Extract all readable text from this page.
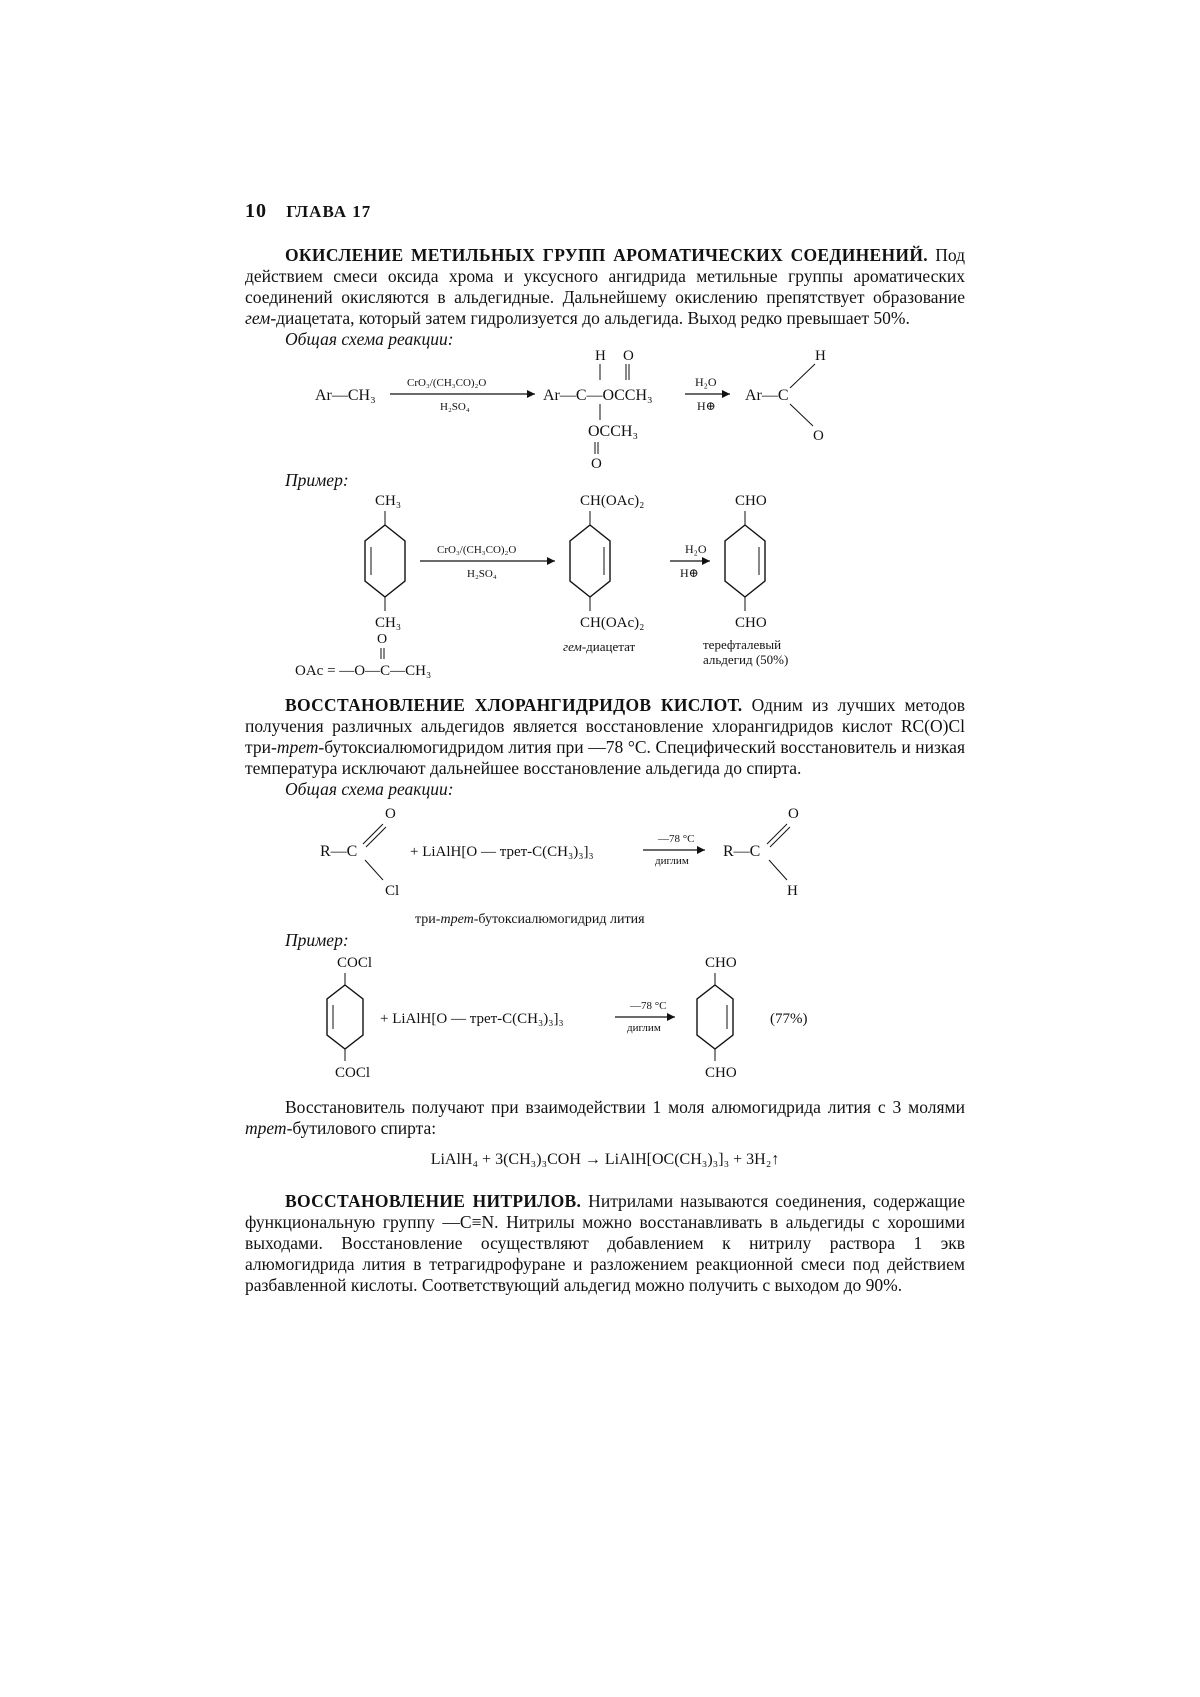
10 ГЛАВА 17

ОКИСЛЕНИЕ МЕТИЛЬНЫХ ГРУПП АРОМАТИЧЕСКИХ СОЕДИНЕНИЙ. Под действием смеси оксида хрома и уксусного ангидрида метильные группы ароматических соединений окисляются в альдегидные. Дальнейшему окислению препятствует образование гем-диацетата, который затем гидролизуется до альдегида. Выход редко превышает 50%.

Общая схема реакции:
Ar—CH₃
CrO₃/(CH₃CO)₂O
H₂SO₄
H O
Ar—C—OCCH₃
OCCH₃
O
H₂O
H⊕
Ar—C
H
O
Пример:
CH₃
CH₃
CrO₃/(CH₃CO)₂O
H₂SO₄
CH(OAc)₂
CH(OAc)₂
гем-диацетат
H₂O
H⊕
CHO
CHO
терефталевый
альдегид (50%)
O
OAc = —O—C—CH₃

ВОССТАНОВЛЕНИЕ ХЛОРАНГИДРИДОВ КИСЛОТ. Одним из лучших методов получения различных альдегидов является восстановление хлорангидридов кислот RC(O)Cl три-трет-бутоксиалюмогидридом лития при —78 °C. Специфический восстановитель и низкая температура исключают дальнейшее восстановление альдегида до спирта.

Общая схема реакции:
O
R—C
Cl
+ LiAlH[O — трет-C(CH₃)₃]₃
—78 °C
диглим
R—C
O
H
три-трет-бутоксиалюмогидрид лития
Пример:
COCl
COCl
+ LiAlH[O — трет-C(CH₃)₃]₃
—78 °C
диглим
CHO
CHO
(77%)

Восстановитель получают при взаимодействии 1 моля алюмогидрида лития с 3 молями трет-бутилового спирта:

LiAlH₄ + 3(CH₃)₃COH → LiAlH[OC(CH₃)₃]₃ + 3H₂↑

ВОССТАНОВЛЕНИЕ НИТРИЛОВ. Нитрилами называются соединения, содержащие функциональную группу —C≡N. Нитрилы можно восстанавливать в альдегиды с хорошими выходами. Восстановление осуществляют добавлением к нитрилу раствора 1 экв алюмогидрида лития в тетрагидрофуране и разложением реакционной смеси под действием разбавленной кислоты. Соответствующий альдегид можно получить с выходом до 90%.
